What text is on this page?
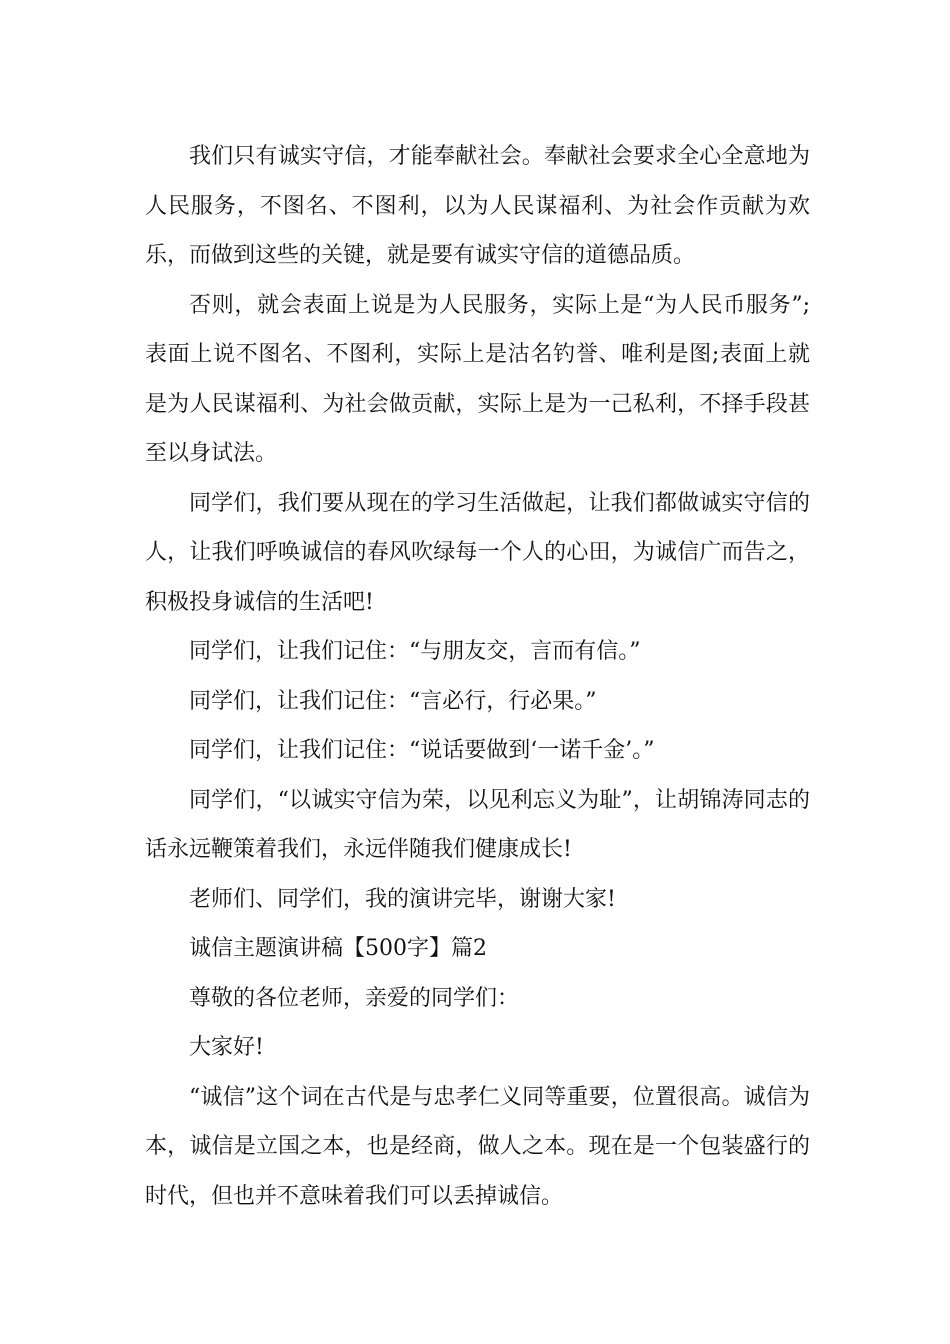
我们只有诚实守信，才能奉献社会。奉献社会要求全心全意地为人民服务，不图名、不图利，以为人民谋福利、为社会作贡献为欢乐，而做到这些的关键，就是要有诚实守信的道德品质。

否则，就会表面上说是为人民服务，实际上是“为人民币服务”;表面上说不图名、不图利，实际上是沽名钓誉、唯利是图;表面上就是为人民谋福利、为社会做贡献，实际上是为一己私利，不择手段甚至以身试法。

同学们，我们要从现在的学习生活做起，让我们都做诚实守信的人，让我们呼唤诚信的春风吹绿每一个人的心田，为诚信广而告之，积极投身诚信的生活吧!

同学们，让我们记住：“与朋友交，言而有信。”

同学们，让我们记住：“言必行，行必果。”

同学们，让我们记住：“说话要做到‘一诺千金’。”

同学们，“以诚实守信为荣，以见利忘义为耻”，让胡锦涛同志的话永远鞭策着我们，永远伴随我们健康成长!

老师们、同学们，我的演讲完毕，谢谢大家!

诚信主题演讲稿【500字】篇2

尊敬的各位老师，亲爱的同学们：

大家好!

“诚信”这个词在古代是与忠孝仁义同等重要，位置很高。诚信为本，诚信是立国之本，也是经商，做人之本。现在是一个包装盛行的时代，但也并不意味着我们可以丢掉诚信。
